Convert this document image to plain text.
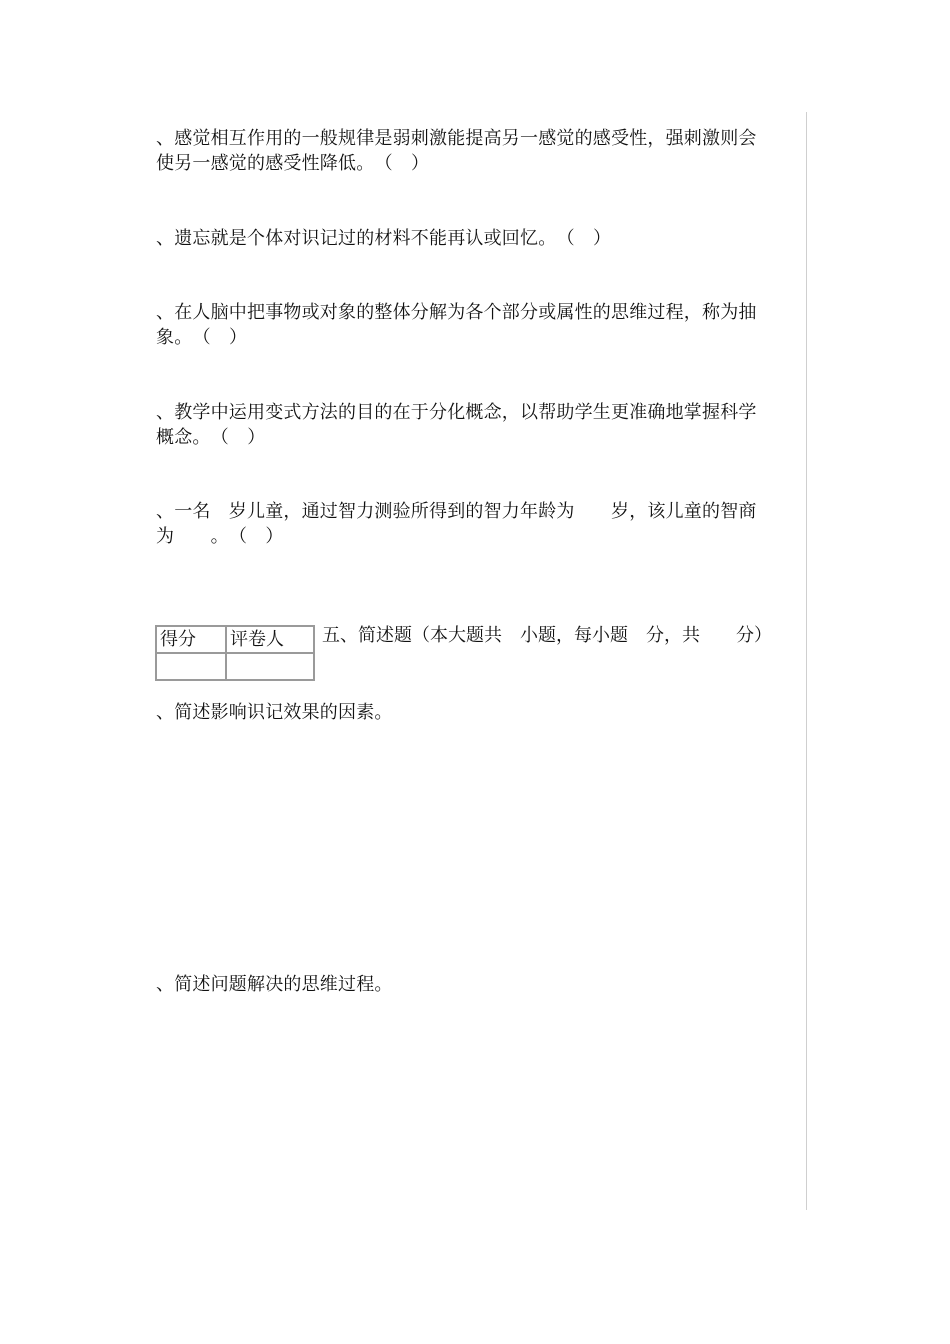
、感觉相互作用的一般规律是弱刺激能提高另一感觉的感受性，强刺激则会
使另一感觉的感受性降低。　（　）

、遗忘就是个体对识记过的材料不能再认或回忆。　（　）

、在人脑中把事物或对象的整体分解为各个部分或属性的思维过程，称为抽
象。　（　）

、教学中运用变式方法的目的在于分化概念，以帮助学生更准确地掌握科学
概念。　（　）

、一名　岁儿童，通过智力测验所得到的智力年龄为　　岁，该儿童的智商
为　　。　（　）

得分	评卷人
	五、简述题（本大题共　小题，每小题　分，共　　分）

、简述影响识记效果的因素。

、简述问题解决的思维过程。
